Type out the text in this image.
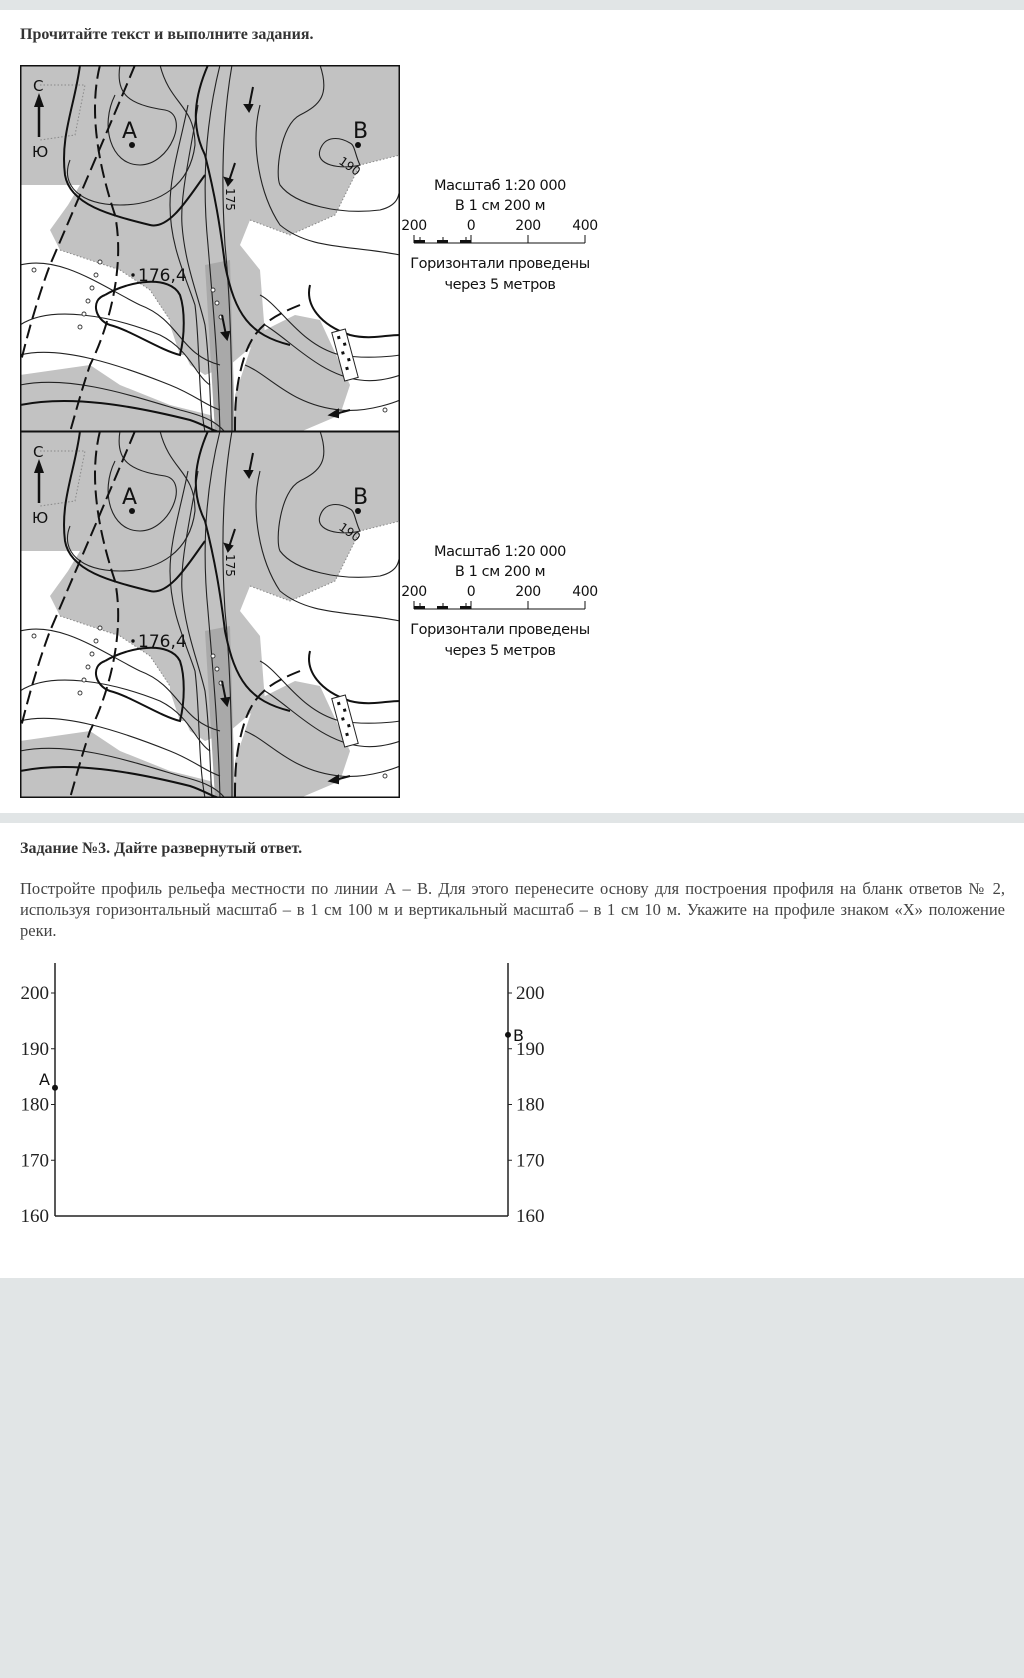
Прочитайте текст и выполните задания.
С
Ю
А	В
190
175
176,4
Масштаб 1:20 000
В 1 см 200 м
200	0	200 400
Горизонтали проведены
через 5 метров
С
Ю
А	В
190
175
176,4
Масштаб 1:20 000
В 1 см 200 м
200	0	200 400
Горизонтали проведены
через 5 метров
Задание №3. Дайте развернутый ответ.
Постройте профиль рельефа местности по линии А – В. Для этого перенесите основу для построения профиля на бланк ответов № 2, используя горизонтальный масштаб – в 1 см 100 м и вертикальный масштаб – в 1 см 10 м. Укажите на профиле знаком «Х» положение реки.
200	200
190	190
180	180
170	170
160	160
А
В
